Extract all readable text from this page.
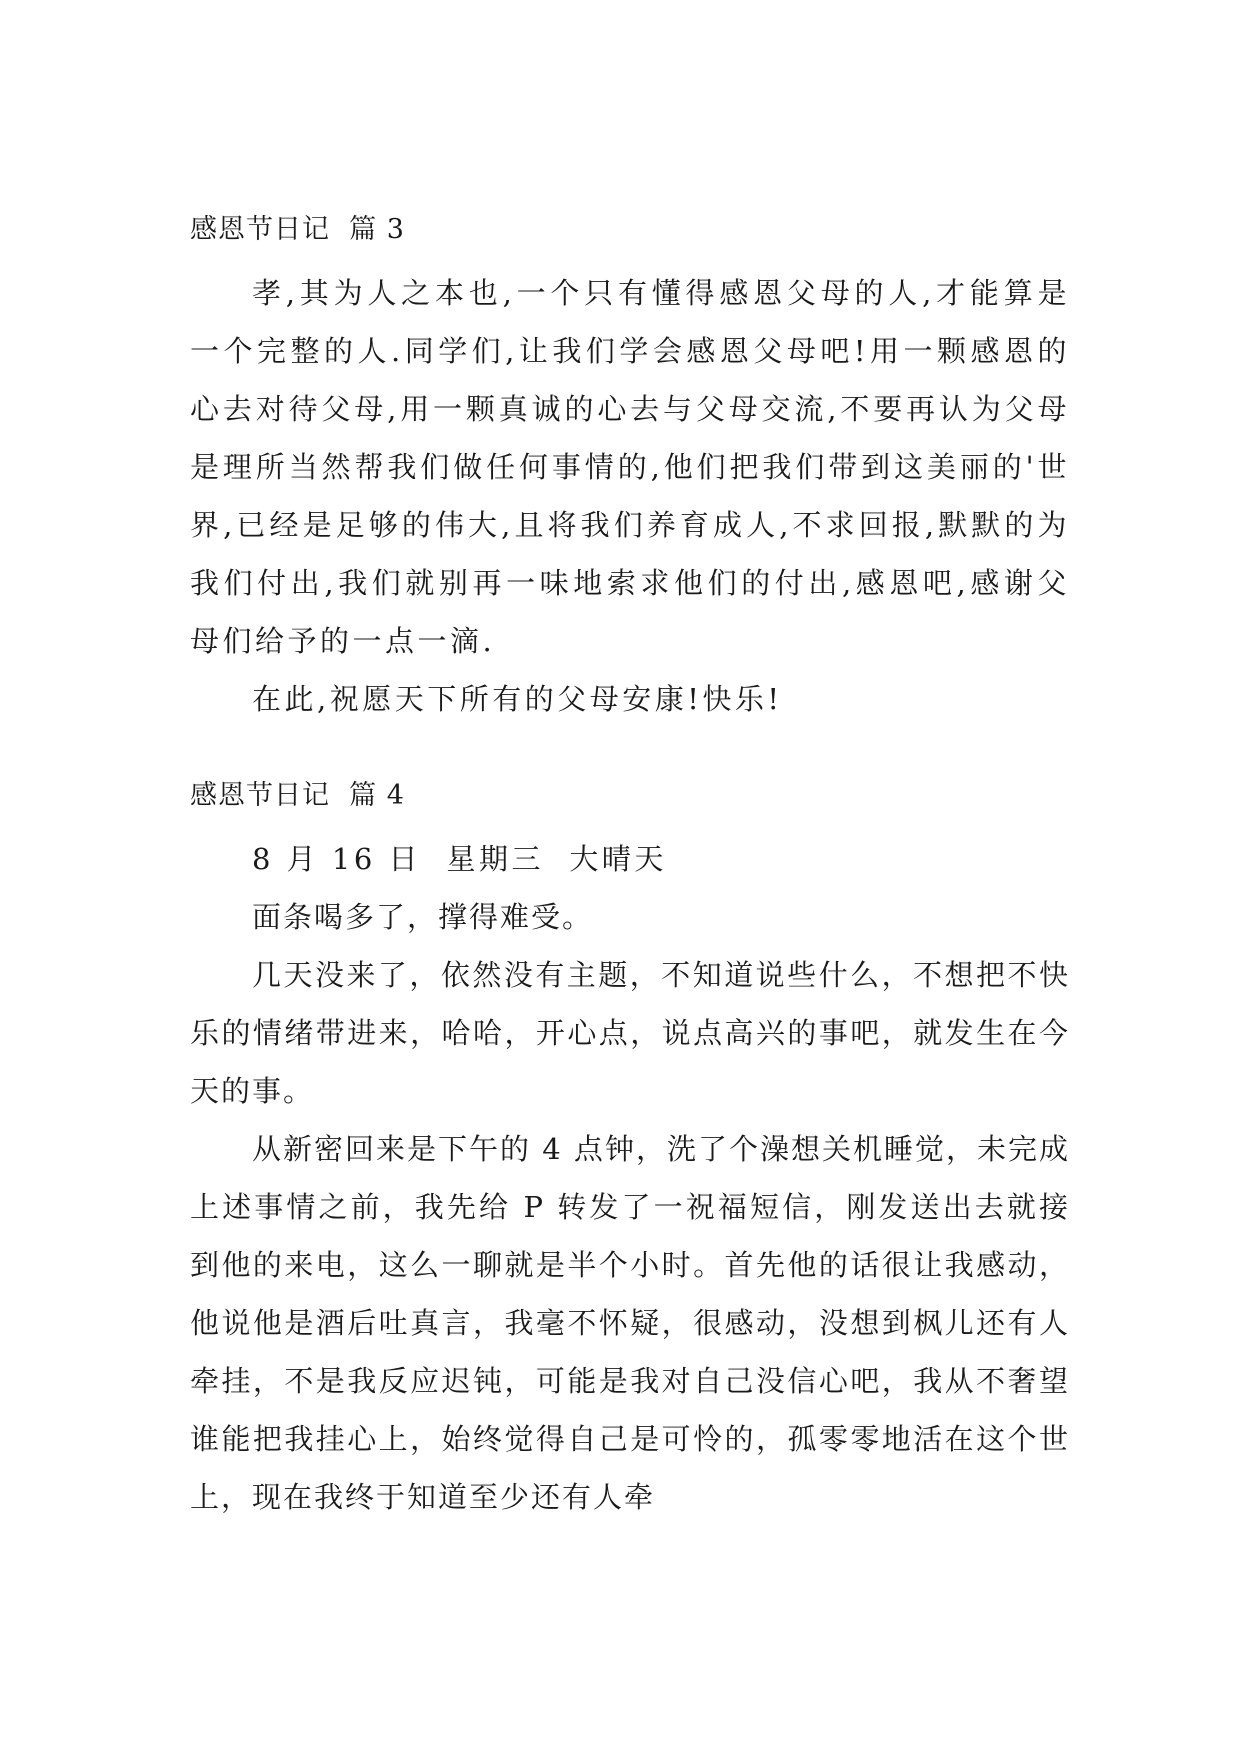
感恩节日记  篇 3

孝,其为人之本也,一个只有懂得感恩父母的人,才能算是一个完整的人.同学们,让我们学会感恩父母吧!用一颗感恩的心去对待父母,用一颗真诚的心去与父母交流,不要再认为父母是理所当然帮我们做任何事情的,他们把我们带到这美丽的'世界,已经是足够的伟大,且将我们养育成人,不求回报,默默的为我们付出,我们就别再一味地索求他们的付出,感恩吧,感谢父母们给予的一点一滴.

在此,祝愿天下所有的父母安康!快乐!

感恩节日记  篇 4

8 月 16 日  星期三  大晴天

面条喝多了，撑得难受。

几天没来了，依然没有主题，不知道说些什么，不想把不快乐的情绪带进来，哈哈，开心点，说点高兴的事吧，就发生在今天的事。

从新密回来是下午的 4 点钟，洗了个澡想关机睡觉，未完成上述事情之前，我先给 P 转发了一祝福短信，刚发送出去就接到他的来电，这么一聊就是半个小时。首先他的话很让我感动，他说他是酒后吐真言，我毫不怀疑，很感动，没想到枫儿还有人牵挂，不是我反应迟钝，可能是我对自己没信心吧，我从不奢望谁能把我挂心上，始终觉得自己是可怜的，孤零零地活在这个世上，现在我终于知道至少还有人牵
